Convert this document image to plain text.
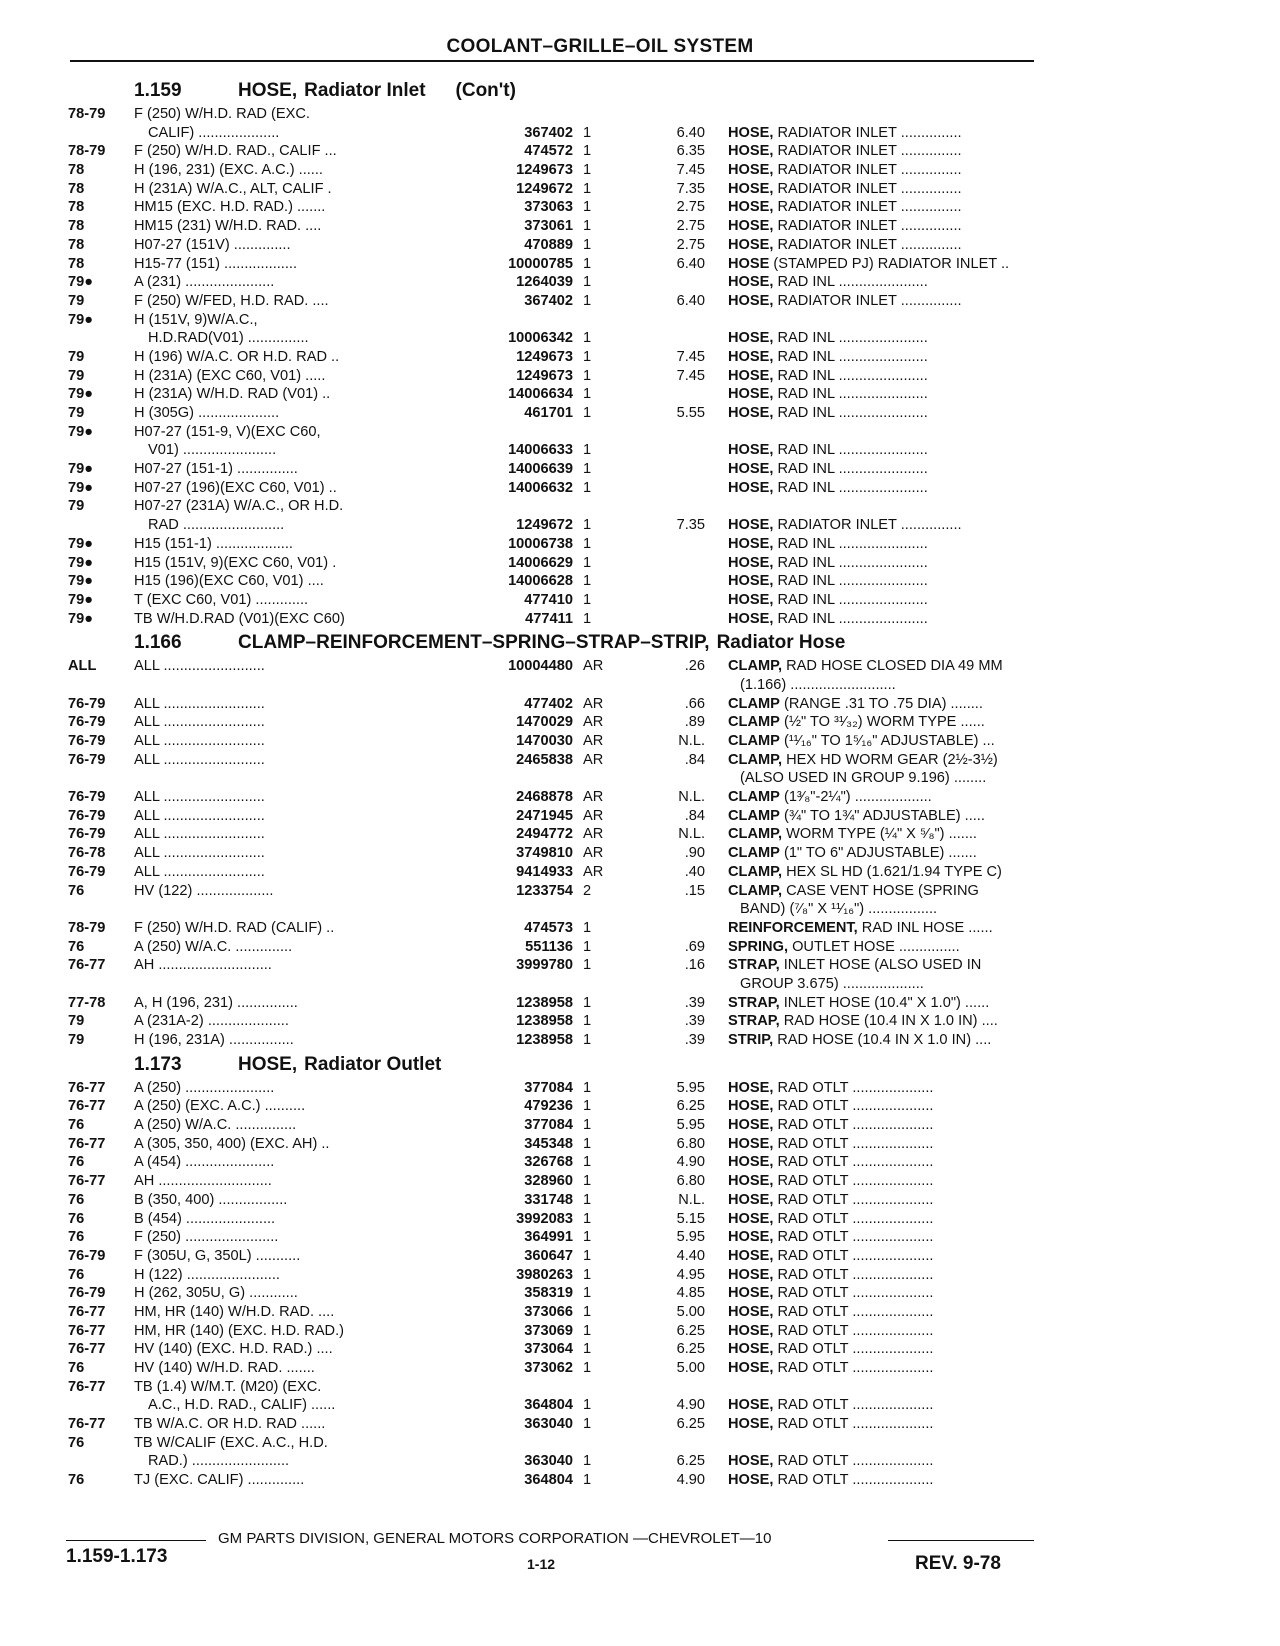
COOLANT–GRILLE–OIL SYSTEM
1.159	HOSE, Radiator Inlet (Con't)
78-79	F (250) W/H.D. RAD (EXC.
CALIF) ....................	367402 1	6.40 HOSE, RADIATOR INLET ...............
78-79	F (250) W/H.D. RAD., CALIF ...	474572 1	6.35 HOSE, RADIATOR INLET ...............
78	H (196, 231) (EXC. A.C.) ......	1249673 1	7.45 HOSE, RADIATOR INLET ...............
78	H (231A) W/A.C., ALT, CALIF .	1249672 1	7.35 HOSE, RADIATOR INLET ...............
78	HM15 (EXC. H.D. RAD.) .......	373063 1	2.75 HOSE, RADIATOR INLET ...............
78	HM15 (231) W/H.D. RAD. ....	373061 1	2.75 HOSE, RADIATOR INLET ...............
78	H07-27 (151V) ..............	470889 1	2.75 HOSE, RADIATOR INLET ...............
78	H15-77 (151) ..................	10000785 1	6.40 HOSE (STAMPED PJ) RADIATOR INLET ..
79●	A (231) ......................	1264039 1	HOSE, RAD INL ......................
79	F (250) W/FED, H.D. RAD. ....	367402 1	6.40 HOSE, RADIATOR INLET ...............
79●	H (151V, 9)W/A.C.,
H.D.RAD(V01) ...............	10006342 1	HOSE, RAD INL ......................
79	H (196) W/A.C. OR H.D. RAD ..	1249673 1	7.45 HOSE, RAD INL ......................
79	H (231A) (EXC C60, V01) .....	1249673 1	7.45 HOSE, RAD INL ......................
79●	H (231A) W/H.D. RAD (V01) ..	14006634 1	HOSE, RAD INL ......................
79	H (305G) ....................	461701 1	5.55 HOSE, RAD INL ......................
79●	H07-27 (151-9, V)(EXC C60,
V01) .......................	14006633 1	HOSE, RAD INL ......................
79●	H07-27 (151-1) ...............	14006639 1	HOSE, RAD INL ......................
79●	H07-27 (196)(EXC C60, V01) ..	14006632 1	HOSE, RAD INL ......................
79	H07-27 (231A) W/A.C., OR H.D.
RAD .........................	1249672 1	7.35 HOSE, RADIATOR INLET ...............
79●	H15 (151-1) ...................	10006738 1	HOSE, RAD INL ......................
79●	H15 (151V, 9)(EXC C60, V01) .	14006629 1	HOSE, RAD INL ......................
79●	H15 (196)(EXC C60, V01) ....	14006628 1	HOSE, RAD INL ......................
79●	T (EXC C60, V01) .............	477410 1	HOSE, RAD INL ......................
79●	TB W/H.D.RAD (V01)(EXC C60)	477411 1	HOSE, RAD INL ......................
1.166	CLAMP–REINFORCEMENT–SPRING–STRAP–STRIP, Radiator Hose
ALL	ALL .........................	10004480 AR	.26 CLAMP, RAD HOSE CLOSED DIA 49 MM
(1.166) ..........................
76-79	ALL .........................	477402 AR	.66 CLAMP (RANGE .31 TO .75 DIA) ........
76-79	ALL .........................	1470029 AR	.89 CLAMP (½" TO ³¹⁄₃₂) WORM TYPE ......
76-79	ALL .........................	1470030 AR	N.L. CLAMP (¹¹⁄₁₆" TO 1⁵⁄₁₆" ADJUSTABLE) ...
76-79	ALL .........................	2465838 AR	.84 CLAMP, HEX HD WORM GEAR (2½-3½)
(ALSO USED IN GROUP 9.196) ........
76-79	ALL .........................	2468878 AR	N.L. CLAMP (1³⁄₈"-2¼") ...................
76-79	ALL .........................	2471945 AR	.84 CLAMP (¾" TO 1¾" ADJUSTABLE) .....
76-79	ALL .........................	2494772 AR	N.L. CLAMP, WORM TYPE (¼" X ⁵⁄₈") .......
76-78	ALL .........................	3749810 AR	.90 CLAMP (1" TO 6" ADJUSTABLE) .......
76-79	ALL .........................	9414933 AR	.40 CLAMP, HEX SL HD (1.621/1.94 TYPE C)
76	HV (122) ...................	1233754 2	.15 CLAMP, CASE VENT HOSE (SPRING
BAND) (⁷⁄₈" X ¹¹⁄₁₆") .................
78-79	F (250) W/H.D. RAD (CALIF) ..	474573 1	REINFORCEMENT, RAD INL HOSE ......
76	A (250) W/A.C. ..............	551136 1	.69 SPRING, OUTLET HOSE ...............
76-77	AH ............................	3999780 1	.16 STRAP, INLET HOSE (ALSO USED IN
GROUP 3.675) ....................
77-78	A, H (196, 231) ...............	1238958 1	.39 STRAP, INLET HOSE (10.4" X 1.0") ......
79	A (231A-2) ....................	1238958 1	.39 STRAP, RAD HOSE (10.4 IN X 1.0 IN) ....
79	H (196, 231A) ................	1238958 1	.39 STRIP, RAD HOSE (10.4 IN X 1.0 IN) ....
1.173	HOSE, Radiator Outlet
76-77	A (250) ......................	377084 1	5.95 HOSE, RAD OTLT ....................
76-77	A (250) (EXC. A.C.) ..........	479236 1	6.25 HOSE, RAD OTLT ....................
76	A (250) W/A.C. ...............	377084 1	5.95 HOSE, RAD OTLT ....................
76-77	A (305, 350, 400) (EXC. AH) ..	345348 1	6.80 HOSE, RAD OTLT ....................
76	A (454) ......................	326768 1	4.90 HOSE, RAD OTLT ....................
76-77	AH ............................	328960 1	6.80 HOSE, RAD OTLT ....................
76	B (350, 400) .................	331748 1	N.L. HOSE, RAD OTLT ....................
76	B (454) ......................	3992083 1	5.15 HOSE, RAD OTLT ....................
76	F (250) .......................	364991 1	5.95 HOSE, RAD OTLT ....................
76-79	F (305U, G, 350L) ...........	360647 1	4.40 HOSE, RAD OTLT ....................
76	H (122) .......................	3980263 1	4.95 HOSE, RAD OTLT ....................
76-79	H (262, 305U, G) ............	358319 1	4.85 HOSE, RAD OTLT ....................
76-77	HM, HR (140) W/H.D. RAD. ....	373066 1	5.00 HOSE, RAD OTLT ....................
76-77	HM, HR (140) (EXC. H.D. RAD.)	373069 1	6.25 HOSE, RAD OTLT ....................
76-77	HV (140) (EXC. H.D. RAD.) ....	373064 1	6.25 HOSE, RAD OTLT ....................
76	HV (140) W/H.D. RAD. .......	373062 1	5.00 HOSE, RAD OTLT ....................
76-77	TB (1.4) W/M.T. (M20) (EXC.
A.C., H.D. RAD., CALIF) ......	364804 1	4.90 HOSE, RAD OTLT ....................
76-77	TB W/A.C. OR H.D. RAD ......	363040 1	6.25 HOSE, RAD OTLT ....................
76	TB W/CALIF (EXC. A.C., H.D.
RAD.) ........................	363040 1	6.25 HOSE, RAD OTLT ....................
76	TJ (EXC. CALIF) ..............	364804 1	4.90 HOSE, RAD OTLT ....................
GM PARTS DIVISION, GENERAL MOTORS CORPORATION —CHEVROLET—10
1.159-1.173	1-12	REV. 9-78
